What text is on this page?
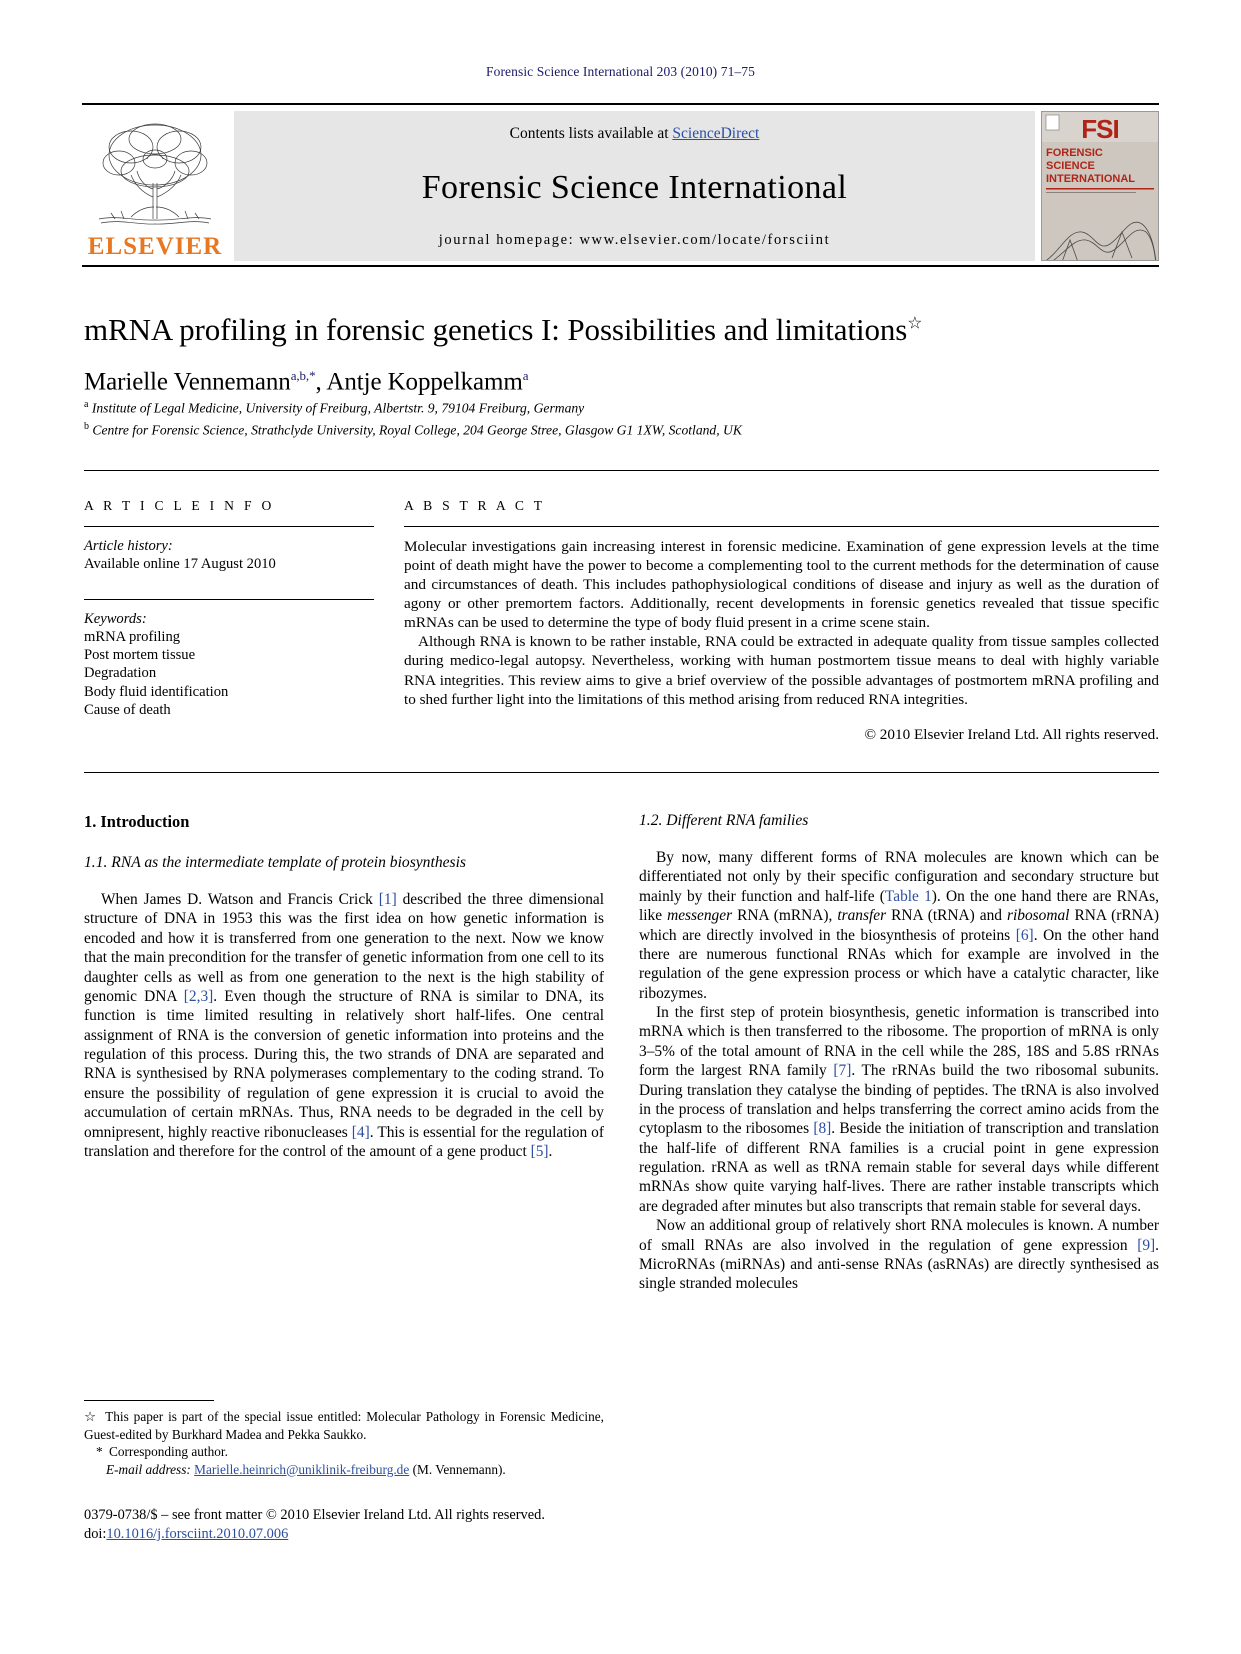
Forensic Science International 203 (2010) 71–75
ELSEVIER
Contents lists available at ScienceDirect
Forensic Science International
journal homepage: www.elsevier.com/locate/forsciint
FSI
FORENSIC
SCIENCE
INTERNATIONAL
mRNA profiling in forensic genetics I: Possibilities and limitations☆
Marielle Vennemann$^{a,b,*}$, Antje Koppelkamm$^a$
$^a$ Institute of Legal Medicine, University of Freiburg, Albertstr. 9, 79104 Freiburg, Germany
$^b$ Centre for Forensic Science, Strathclyde University, Royal College, 204 George Stree, Glasgow G1 1XW, Scotland, UK
A R T I C L E I N F O
Article history:
Available online 17 August 2010
Keywords:
mRNA profiling
Post mortem tissue
Degradation
Body fluid identification
Cause of death
A B S T R A C T

Molecular investigations gain increasing interest in forensic medicine. Examination of gene expression levels at the time point of death might have the power to become a complementing tool to the current methods for the determination of cause and circumstances of death. This includes pathophysiological conditions of disease and injury as well as the duration of agony or other premortem factors. Additionally, recent developments in forensic genetics revealed that tissue specific mRNAs can be used to determine the type of body fluid present in a crime scene stain.

Although RNA is known to be rather instable, RNA could be extracted in adequate quality from tissue samples collected during medico-legal autopsy. Nevertheless, working with human postmortem tissue means to deal with highly variable RNA integrities. This review aims to give a brief overview of the possible advantages of postmortem mRNA profiling and to shed further light into the limitations of this method arising from reduced RNA integrities.

© 2010 Elsevier Ireland Ltd. All rights reserved.
1. Introduction
1.1. RNA as the intermediate template of protein biosynthesis

When James D. Watson and Francis Crick [1] described the three dimensional structure of DNA in 1953 this was the first idea on how genetic information is encoded and how it is transferred from one generation to the next. Now we know that the main precondition for the transfer of genetic information from one cell to its daughter cells as well as from one generation to the next is the high stability of genomic DNA [2,3]. Even though the structure of RNA is similar to DNA, its function is time limited resulting in relatively short half-lifes. One central assignment of RNA is the conversion of genetic information into proteins and the regulation of this process. During this, the two strands of DNA are separated and RNA is synthesised by RNA polymerases complementary to the coding strand. To ensure the possibility of regulation of gene expression it is crucial to avoid the accumulation of certain mRNAs. Thus, RNA needs to be degraded in the cell by omnipresent, highly reactive ribonucleases [4]. This is essential for the regulation of translation and therefore for the control of the amount of a gene product [5].

1.2. Different RNA families

By now, many different forms of RNA molecules are known which can be differentiated not only by their specific configuration and secondary structure but mainly by their function and half-life (Table 1). On the one hand there are RNAs, like messenger RNA (mRNA), transfer RNA (tRNA) and ribosomal RNA (rRNA) which are directly involved in the biosynthesis of proteins [6]. On the other hand there are numerous functional RNAs which for example are involved in the regulation of the gene expression process or which have a catalytic character, like ribozymes.

In the first step of protein biosynthesis, genetic information is transcribed into mRNA which is then transferred to the ribosome. The proportion of mRNA is only 3–5% of the total amount of RNA in the cell while the 28S, 18S and 5.8S rRNAs form the largest RNA family [7]. The rRNAs build the two ribosomal subunits. During translation they catalyse the binding of peptides. The tRNA is also involved in the process of translation and helps transferring the correct amino acids from the cytoplasm to the ribosomes [8]. Beside the initiation of transcription and translation the half-life of different RNA families is a crucial point in gene expression regulation. rRNA as well as tRNA remain stable for several days while different mRNAs show quite varying half-lives. There are rather instable transcripts which are degraded after minutes but also transcripts that remain stable for several days.

Now an additional group of relatively short RNA molecules is known. A number of small RNAs are also involved in the regulation of gene expression [9]. MicroRNAs (miRNAs) and anti-sense RNAs (asRNAs) are directly synthesised as single stranded molecules

☆ This paper is part of the special issue entitled: Molecular Pathology in Forensic Medicine, Guest-edited by Burkhard Madea and Pekka Saukko.

* Corresponding author.

E-mail address: Marielle.heinrich@uniklinik-freiburg.de (M. Vennemann).

0379-0738/$ – see front matter © 2010 Elsevier Ireland Ltd. All rights reserved.
doi:10.1016/j.forsciint.2010.07.006
